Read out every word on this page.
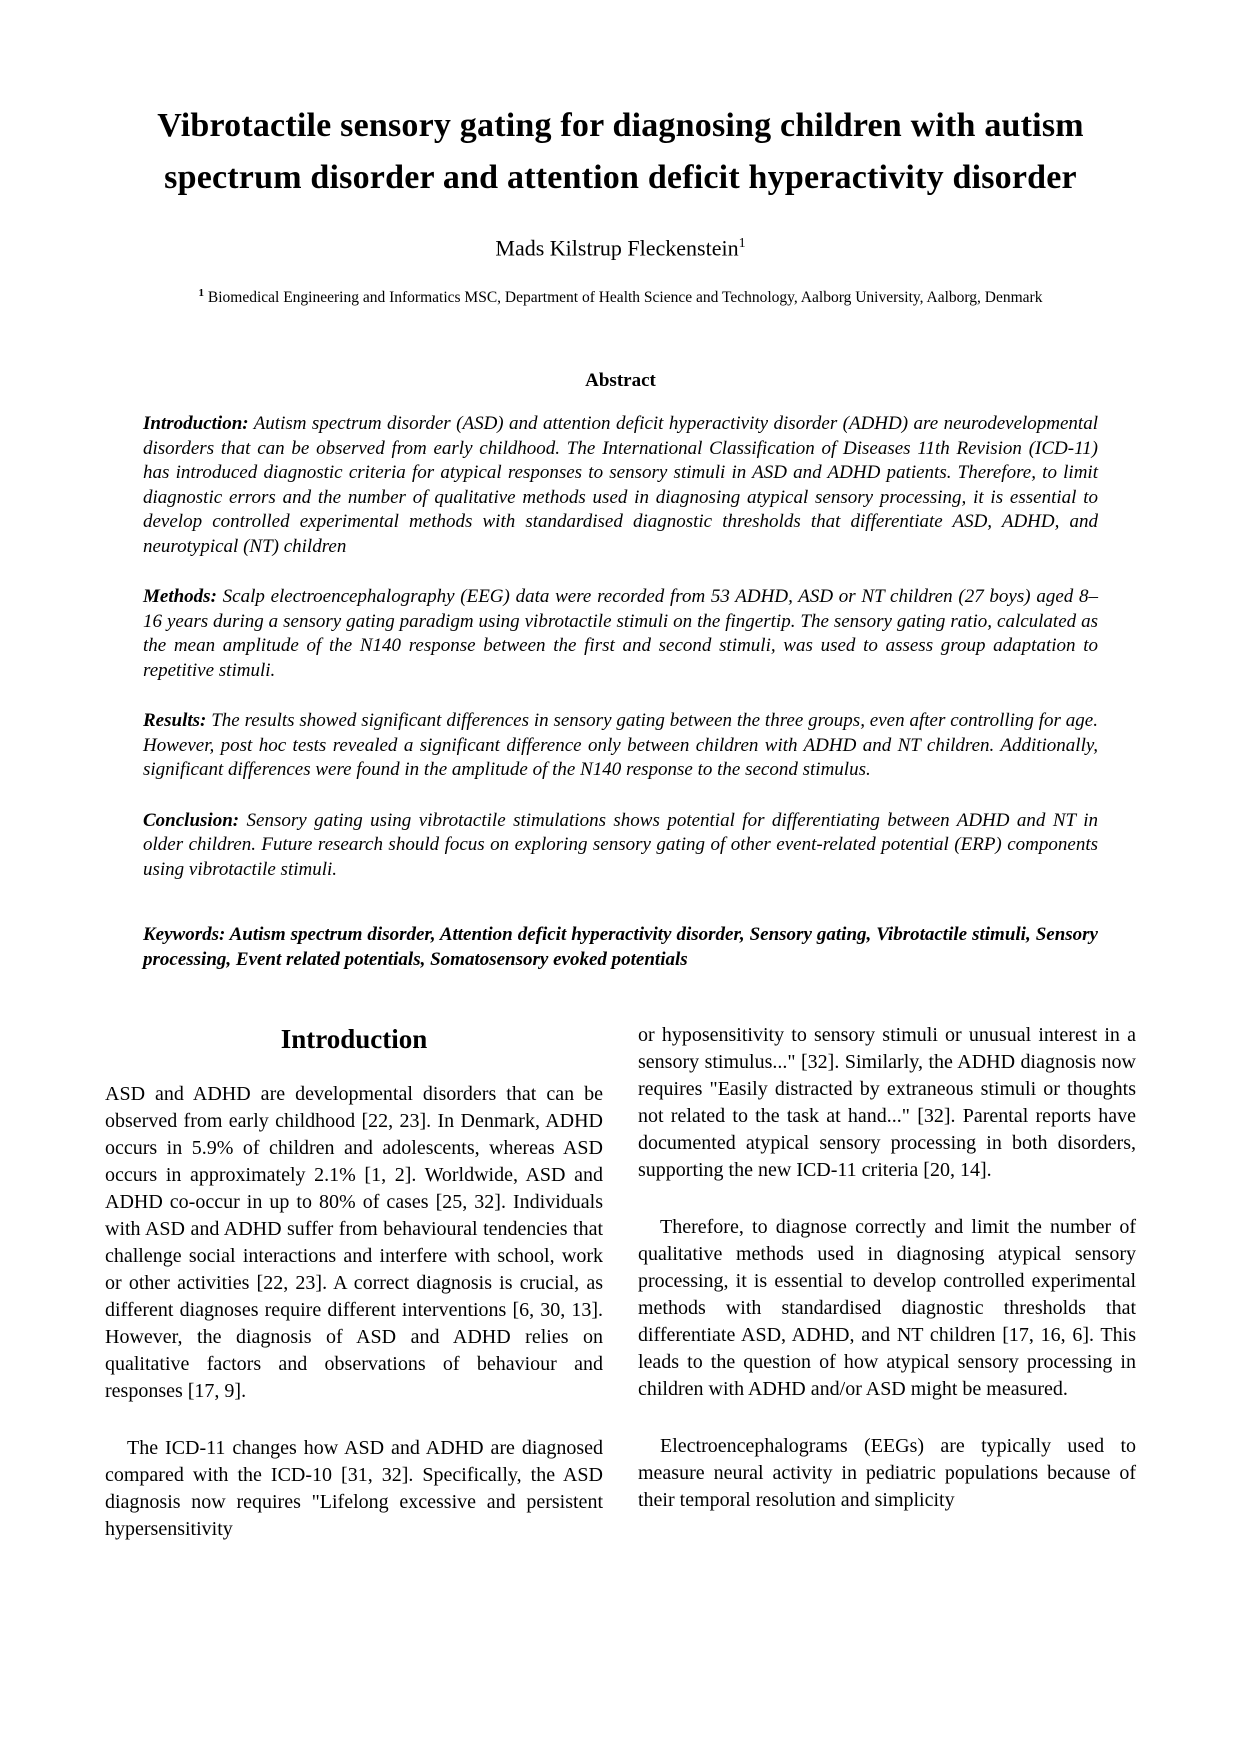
Vibrotactile sensory gating for diagnosing children with autism spectrum disorder and attention deficit hyperactivity disorder
Mads Kilstrup Fleckenstein$^1$
$^1$ Biomedical Engineering and Informatics MSC, Department of Health Science and Technology, Aalborg University, Aalborg, Denmark
Abstract
Introduction: Autism spectrum disorder (ASD) and attention deficit hyperactivity disorder (ADHD) are neurodevelopmental disorders that can be observed from early childhood. The International Classification of Diseases 11th Revision (ICD-11) has introduced diagnostic criteria for atypical responses to sensory stimuli in ASD and ADHD patients. Therefore, to limit diagnostic errors and the number of qualitative methods used in diagnosing atypical sensory processing, it is essential to develop controlled experimental methods with standardised diagnostic thresholds that differentiate ASD, ADHD, and neurotypical (NT) children
Methods: Scalp electroencephalography (EEG) data were recorded from 53 ADHD, ASD or NT children (27 boys) aged 8–16 years during a sensory gating paradigm using vibrotactile stimuli on the fingertip. The sensory gating ratio, calculated as the mean amplitude of the N140 response between the first and second stimuli, was used to assess group adaptation to repetitive stimuli.
Results: The results showed significant differences in sensory gating between the three groups, even after controlling for age. However, post hoc tests revealed a significant difference only between children with ADHD and NT children. Additionally, significant differences were found in the amplitude of the N140 response to the second stimulus.
Conclusion: Sensory gating using vibrotactile stimulations shows potential for differentiating between ADHD and NT in older children. Future research should focus on exploring sensory gating of other event-related potential (ERP) components using vibrotactile stimuli.
Keywords: Autism spectrum disorder, Attention deficit hyperactivity disorder, Sensory gating, Vibrotactile stimuli, Sensory processing, Event related potentials, Somatosensory evoked potentials
Introduction

ASD and ADHD are developmental disorders that can be observed from early childhood [22, 23]. In Denmark, ADHD occurs in 5.9% of children and adolescents, whereas ASD occurs in approximately 2.1% [1, 2]. Worldwide, ASD and ADHD co-occur in up to 80% of cases [25, 32]. Individuals with ASD and ADHD suffer from behavioural tendencies that challenge social interactions and interfere with school, work or other activities [22, 23]. A correct diagnosis is crucial, as different diagnoses require different interventions [6, 30, 13]. However, the diagnosis of ASD and ADHD relies on qualitative factors and observations of behaviour and responses [17, 9].

The ICD-11 changes how ASD and ADHD are diagnosed compared with the ICD-10 [31, 32]. Specifically, the ASD diagnosis now requires "Lifelong excessive and persistent hypersensitivity

or hyposensitivity to sensory stimuli or unusual interest in a sensory stimulus..." [32]. Similarly, the ADHD diagnosis now requires "Easily distracted by extraneous stimuli or thoughts not related to the task at hand..." [32]. Parental reports have documented atypical sensory processing in both disorders, supporting the new ICD-11 criteria [20, 14].

Therefore, to diagnose correctly and limit the number of qualitative methods used in diagnosing atypical sensory processing, it is essential to develop controlled experimental methods with standardised diagnostic thresholds that differentiate ASD, ADHD, and NT children [17, 16, 6]. This leads to the question of how atypical sensory processing in children with ADHD and/or ASD might be measured.

Electroencephalograms (EEGs) are typically used to measure neural activity in pediatric populations because of their temporal resolution and simplicity
